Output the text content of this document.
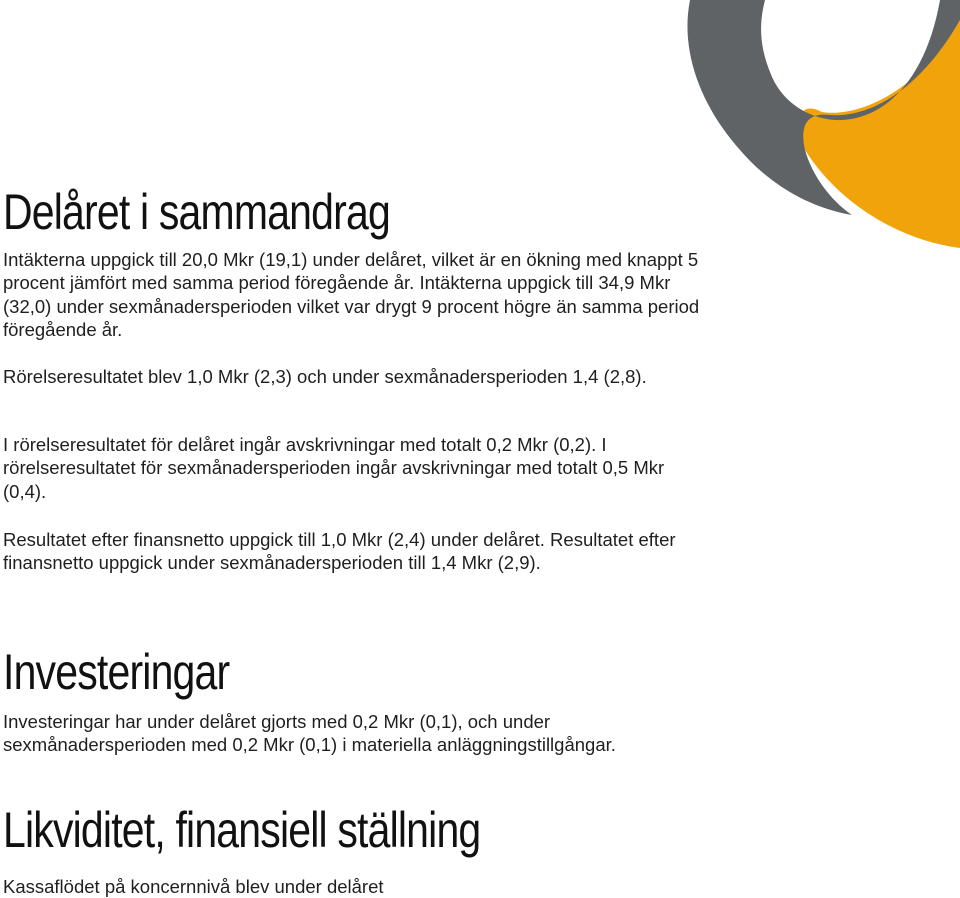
Delåret i sammandrag

Intäkterna uppgick till 20,0 Mkr (19,1) under delåret, vilket är en ökning med knappt 5 procent jämfört med samma period föregående år. Intäkterna uppgick till 34,9 Mkr (32,0) under sexmånadersperioden vilket var drygt 9 procent högre än samma period föregående år.

Rörelseresultatet blev 1,0 Mkr (2,3) och under sexmånadersperioden 1,4 (2,8).

I rörelseresultatet för delåret ingår avskrivningar med totalt 0,2 Mkr (0,2). I rörelseresultatet för sexmånadersperioden ingår avskrivningar med totalt 0,5 Mkr (0,4).

Resultatet efter finansnetto uppgick till 1,0 Mkr (2,4) under delåret. Resultatet efter finansnetto uppgick under sexmånadersperioden till 1,4 Mkr (2,9).

Investeringar

Investeringar har under delåret gjorts med 0,2 Mkr (0,1), och under sexmånadersperioden med 0,2 Mkr (0,1) i materiella anläggningstillgångar.

Likviditet, finansiell ställning

Kassaflödet på koncernnivå blev under delåret
